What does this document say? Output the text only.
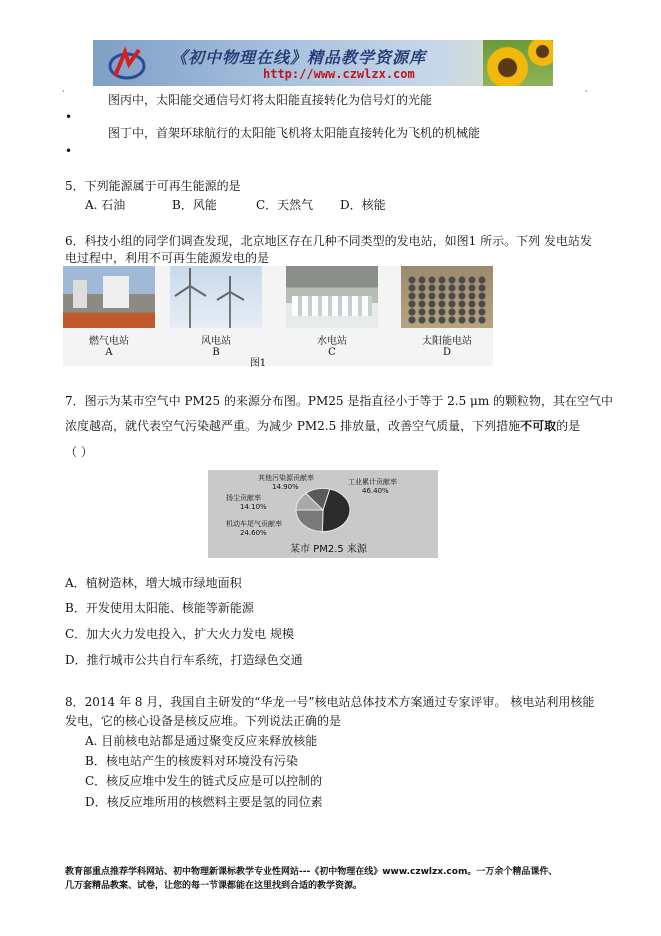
《初中物理在线》精品教学资源库
http://www.czwlzx.com
·	·
图丙中，太阳能交通信号灯将太阳能直接转化为信号灯的光能
•
图丁中，首架环球航行的太阳能飞机将太阳能直接转化为飞机的机械能
•
5．下列能源属于可再生能源的是
A. 石油	B．风能	C．天然气 D．核能
6．科技小组的同学们调查发现，北京地区存在几种不同类型的发电站，如图1 所示。下列 发电站发
电过程中，利用不可再生能源发电的是
燃气电站	风电站	水电站	太阳能电站
A	B	C	D
图1
7．图示为某市空气中 PM25 的来源分布图。PM25 是指直径小于等于 2.5 μm 的颗粒物，其在空气中
浓度越高，就代表空气污染越严重。为减少 PM2.5 排放量，改善空气质量，下列措施不可取的是
（ ）
工业累计贡献率
46.40%
机动车尾气贡献率
24.60%
扬尘贡献率
14.10%
其他污染源贡献率
14.90%
某市 PM2.5 来源
A．植树造林，增大城市绿地面积
B．开发使用太阳能、核能等新能源
C．加大火力发电投入，扩大火力发电 规模
D．推行城市公共自行车系统，打造绿色交通
8．2014 年 8 月，我国自主研发的“华龙一号”核电站总体技术方案通过专家评审。 核电站利用核能
发电，它的核心设备是核反应堆。下列说法正确的是
A. 目前核电站都是通过聚变反应来释放核能
B．核电站产生的核废料对环境没有污染
C．核反应堆中发生的链式反应是可以控制的
D．核反应堆所用的核燃料主要是氢的同位素
教育部重点推荐学科网站、初中物理新课标教学专业性网站---《初中物理在线》www.czwlzx.com。一万余个精品课件、
几万套精品教案、试卷，让您的每一节课都能在这里找到合适的教学资源。
